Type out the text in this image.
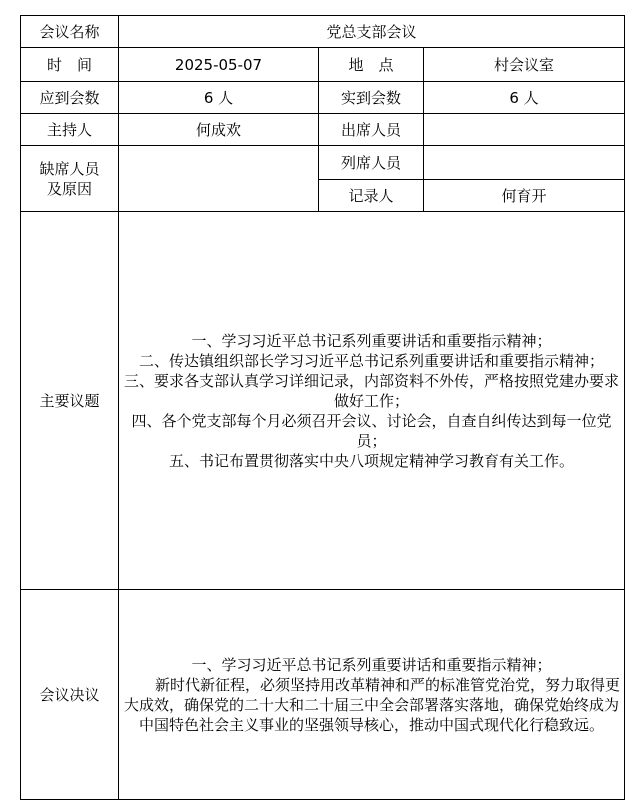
会议名称	党总支部会议		
时　间	2025-05-07	地　点	村会议室
应到会数	6 人	实到会数	6 人
主持人	何成欢	出席人员	

缺席人员
及原因		列席人员	
		记录人	何育开
主要议题	一、学习习近平总书记系列重要讲话和重要指示精神；

二、传达镇组织部长学习习近平总书记系列重要讲话和重要指示精神；

三、要求各支部认真学习详细记录，内部资料不外传，严格按照党建办要求做好工作；

四、各个党支部每个月必须召开会议、讨论会，自查自纠传达到每一位党员；

五、书记布置贯彻落实中央八项规定精神学习教育有关工作。		

会议决议	一、学习习近平总书记系列重要讲话和重要指示精神；

新时代新征程，必须坚持用改革精神和严的标准管党治党，努力取得更大成效，确保党的二十大和二十届三中全会部署落实落地，确保党始终成为中国特色社会主义事业的坚强领导核心，推动中国式现代化行稳致远。		
